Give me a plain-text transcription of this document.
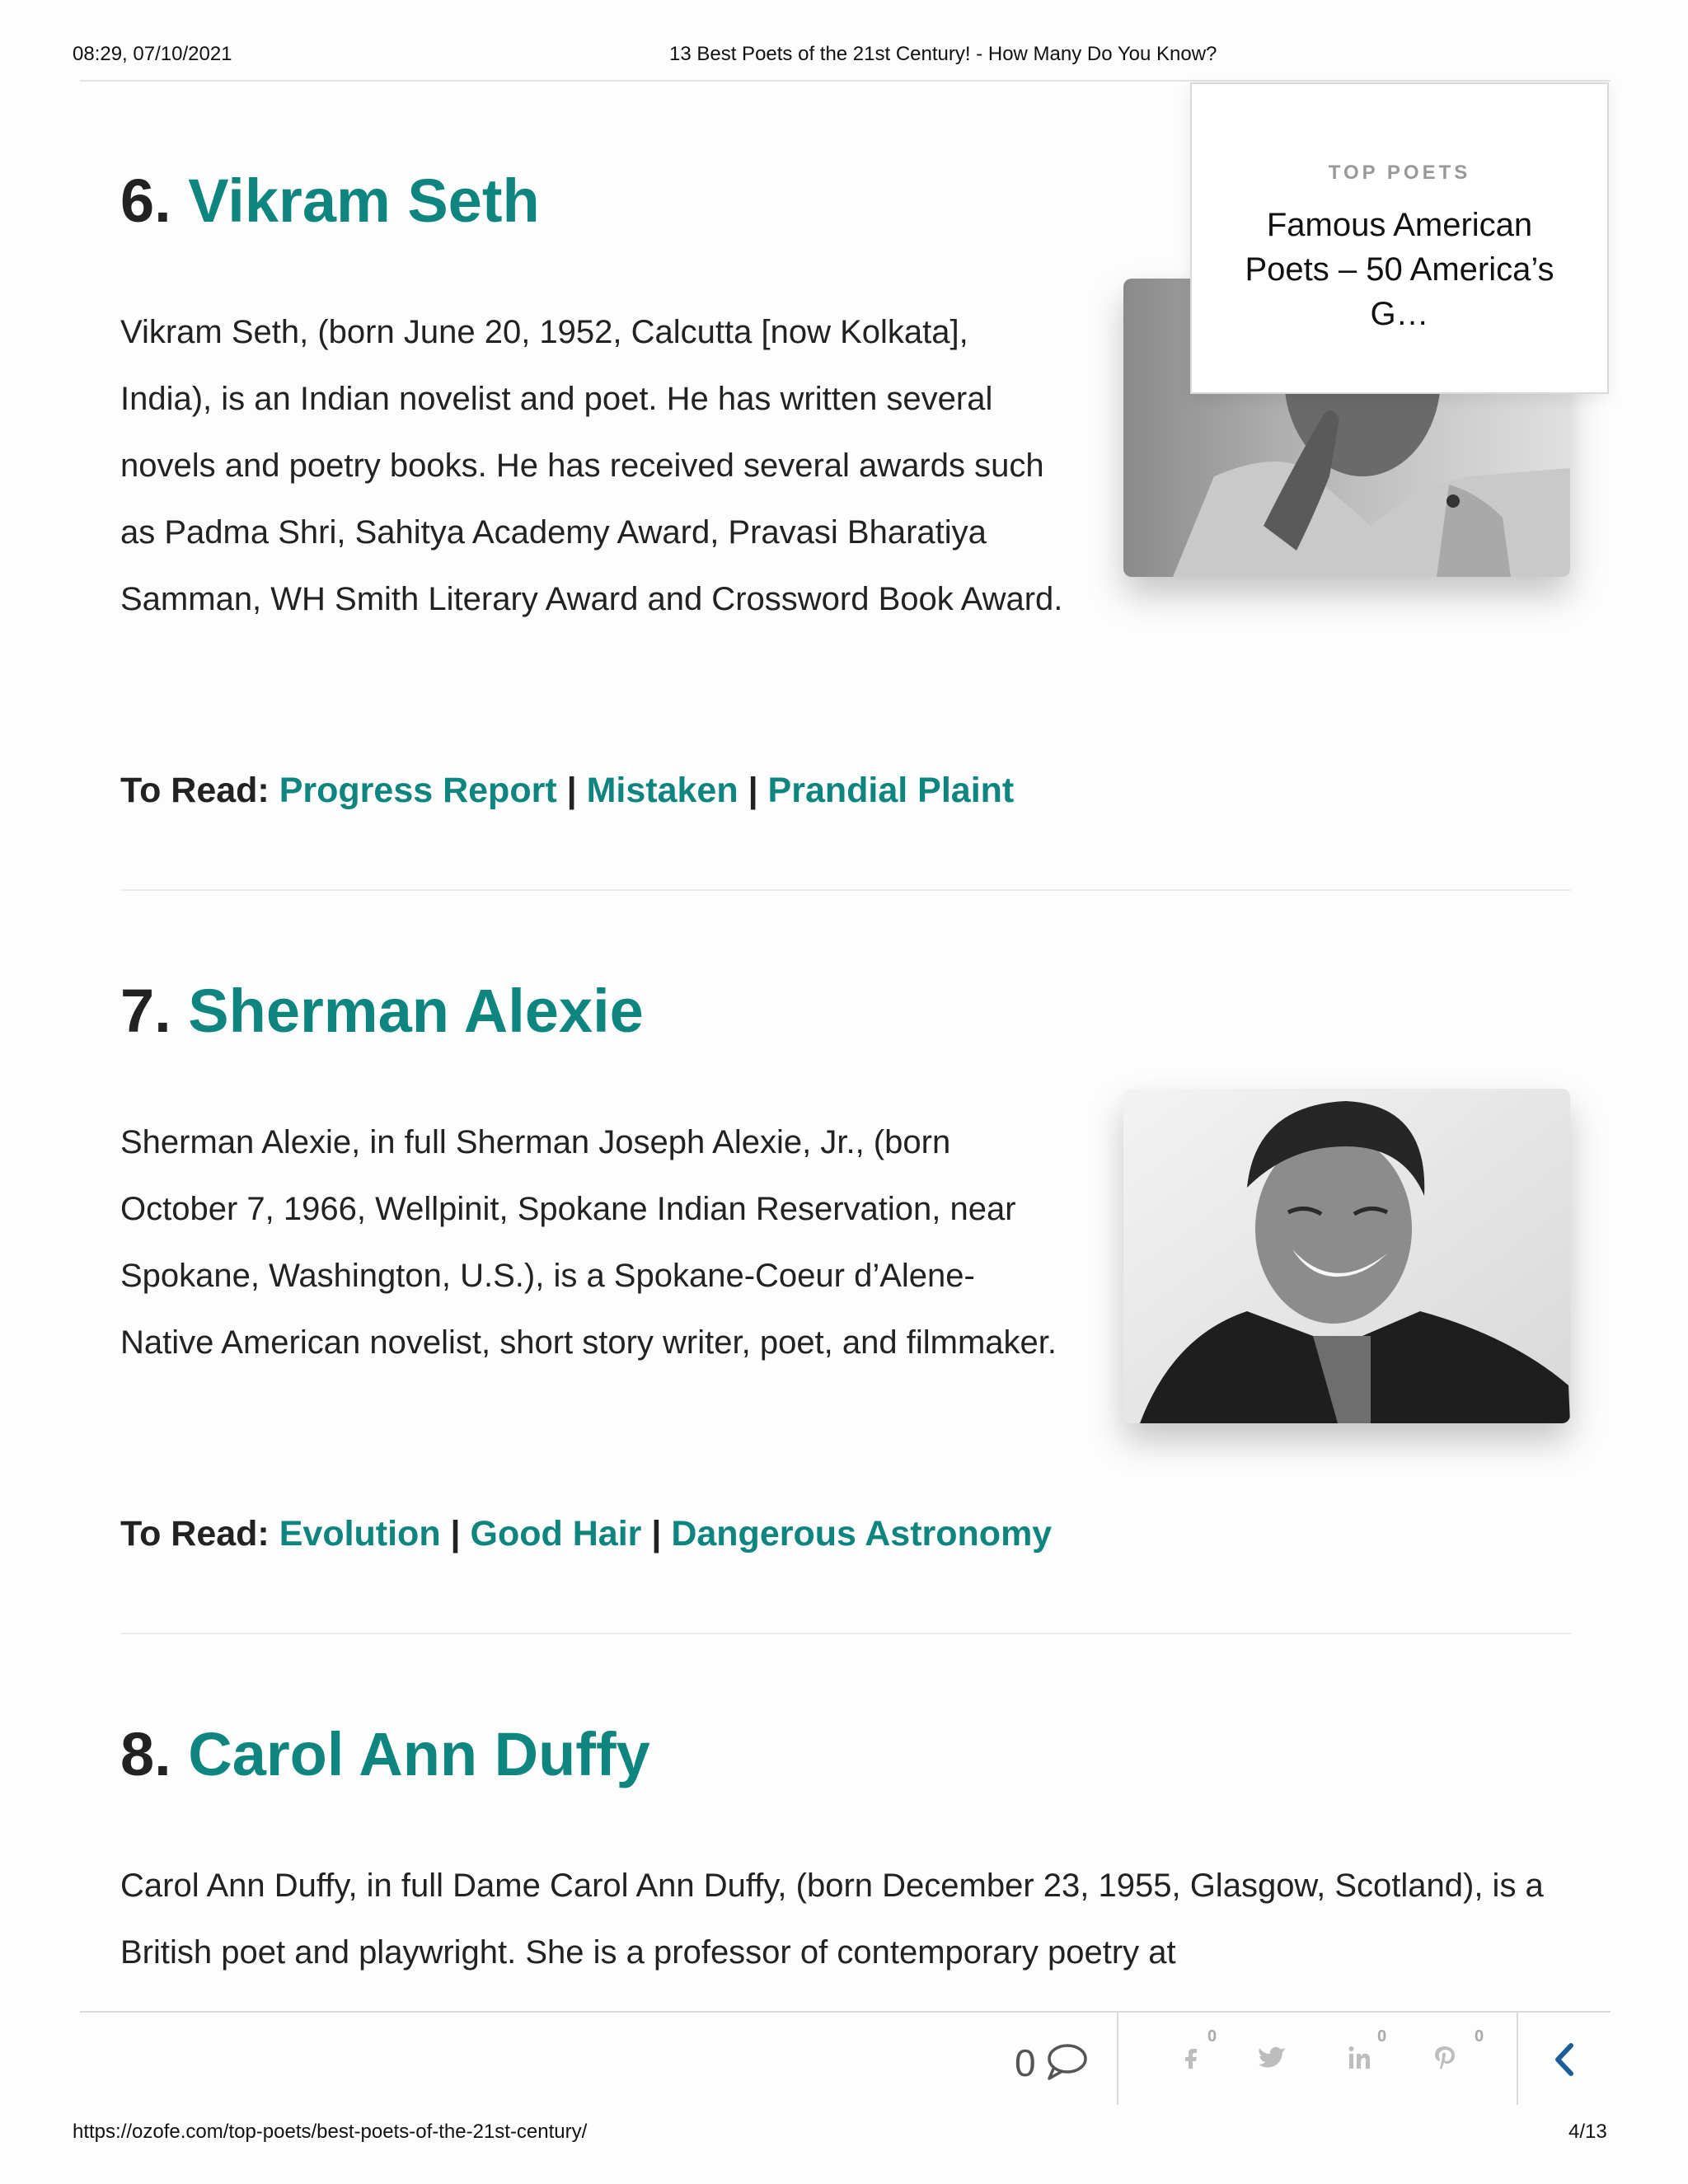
08:29, 07/10/2021	13 Best Poets of the 21st Century! - How Many Do You Know?
6. Vikram Seth

Vikram Seth, (born June 20, 1952, Calcutta [now Kolkata], India), is an Indian novelist and poet. He has written several novels and poetry books. He has received several awards such as Padma Shri, Sahitya Academy Award, Pravasi Bharatiya Samman, WH Smith Literary Award and Crossword Book Award.

To Read: Progress Report | Mistaken | Prandial Plaint

7. Sherman Alexie

Sherman Alexie, in full Sherman Joseph Alexie, Jr., (born October 7, 1966, Wellpinit, Spokane Indian Reservation, near Spokane, Washington, U.S.), is a Spokane-Coeur d’Alene-Native American novelist, short story writer, poet, and filmmaker.

To Read: Evolution | Good Hair | Dangerous Astronomy

8. Carol Ann Duffy

Carol Ann Duffy, in full Dame Carol Ann Duffy, (born December 23, 1955, Glasgow, Scotland), is a British poet and playwright. She is a professor of contemporary poetry at

TOP POETS
Famous American Poets – 50 America’s G…
0
0	0	0
https://ozofe.com/top-poets/best-poets-of-the-21st-century/	4/13
